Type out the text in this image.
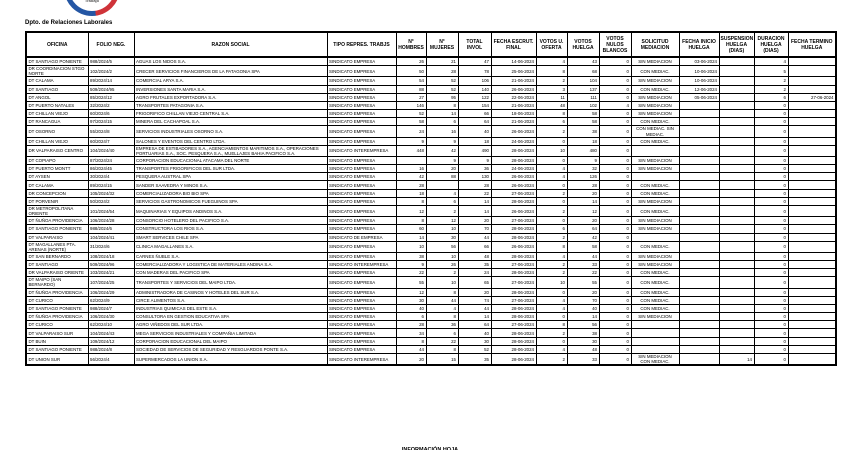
Trabajo
Dpto. de Relaciones Laborales
OFICINA	FOLIO NEG.	RAZON SOCIAL	TIPO REPRES. TRABJS	N° HOMBRES	N° MUJERES	TOTAL INVOL	FECHA ESCRUT. FINAL	VOTOS U. OFERTA	VOTOS HUELGA	VOTOS NULOS BLANCOS	SOLICITUD MEDIACION	FECHA INICIO HUELGA	SUSPENSION HUELGA (DIAS)	DURACION HUELGA (DIAS)	FECHA TERMINO HUELGA
DT SANTIAGO PONIENTE	988/2024/5	AGUAS LOS NIDOS S.A.	SINDICATO EMPRESA	26	21	47	14-06-2024	4	43	0	SIN MEDIACION	03-06-2024		4	
DR COORDINACION STGO NORTE	102/2024/2	CRECER SERVICIOS FINANCIEROS DE LA PATAGONIA SPA	SINDICATO EMPRESA	50	28	78	25-06-2024	8	68	0	CON MEDIAC.	10-06-2024		5	
DT CALAMA	89/2024/14	COMERCIAL ARYA S.A.	SINDICATO EMPRESA	54	52	106	21-06-2024	2	104	0	SIN MEDIACION	10-06-2024		2	
DT SANTIAGO	509/2024/95	INVERSIONES SANTA MARIA S.A.	SINDICATO EMPRESA	88	52	140	26-06-2024	3	137	0	CON MEDIAC.	12-06-2024		2	
DT ANGOL	85/2024/12	AGRO FRUTALES EXPORTADORA S.A.	SINDICATO EMPRESA	27	95	122	22-06-2024	11	111	0	SIN MEDIACION	05-06-2024		6	27-06-2024
DT PUERTO NATALES	32/2024/2	TRANSPORTES PATAGONIA S.A.	SINDICATO EMPRESA	146	8	154	21-06-2024	48	102	4	SIN MEDIACION			0	
DT CHILLAN VIEJO	60/2024/6	FRIGORIFICO CHILLAN VIEJO CENTRAL S.A.	SINDICATO EMPRESA	52	14	66	18-06-2024	8	58	0	SIN MEDIACION			0	
DT RANCAGUA	97/2024/15	MINERA DEL CACHAPOAL S.A.	SINDICATO EMPRESA	58	6	64	21-06-2024	6	58	0	CON MEDIAC.			0	
DT OSORNO	55/2024/8	SERVICIOS INDUSTRIALES OSORNO S.A.	SINDICATO EMPRESA	24	16	40	26-06-2024	2	38	0	CON MEDIAC. SIN MEDIAC.			0	
DT CHILLAN VIEJO	60/2024/7	SALONES Y EVENTOS DEL CENTRO LTDA.	SINDICATO EMPRESA	9	9	18	24-06-2024	0	18	0	CON MEDIAC.			0	
DR VALPARAISO CENTRO	104/2024/40	EMPRESA DE ESTIBADORES S.A., AGENCIAMIENTOS MARITIMOS S.A., OPERACIONES PORTUARIAS S.A., SOC. PESQUERA S.A., MUELLAJES BAHIA PACIFICO S.A.	SINDICATO INTEREMPRESA	448	42	490	28-06-2024	10	480	0				0	
DT COPIAPO	87/2024/24	CORPORACION EDUCACIONAL ATACAMA DEL NORTE	SINDICATO EMPRESA		9	9	28-06-2024	0	9	0	SIN MEDIACION			0	
DT PUERTO MONTT	86/2024/45	TRANSPORTES FRIGORIFICOS DEL SUR LTDA.	SINDICATO EMPRESA	16	20	36	24-06-2024	4	32	0	SIN MEDIACION			0	
DT AYSEN	30/2024/4	PESQUERA AUSTRAL SPA	SINDICATO EMPRESA	42	88	130	26-06-2024	4	126	0				0	
DT CALAMA	89/2024/15	SANDER SAAVEDRA Y MINOS S.A.	SINDICATO EMPRESA	28		28	26-06-2024	0	28	0	CON MEDIAC.			0	
DR CONCEPCION	105/2024/32	COMERCIALIZADORA BIO BIO SPA	SINDICATO EMPRESA	18	4	22	27-06-2024	2	20	0	CON MEDIAC.			0	
DT PORVENIR	50/2024/2	SERVICIOS GASTRONOMICOS FUEGUINOS SPA	SINDICATO EMPRESA	8	6	14	28-06-2024	0	14	0	SIN MEDIACION			0	
DR METROPOLITANA ORIENTE	101/2024/54	MAQUINARIAS Y EQUIPOS ANDINOS S.A.	SINDICATO EMPRESA	12	2	14	26-06-2024	2	12	0	CON MEDIAC.			0	
DT ÑUÑOA PROVIDENCIA	106/2024/28	CONSORCIO HOTELERO DEL PACIFICO S.A.	SINDICATO EMPRESA	8	12	20	27-06-2024	0	20	0	SIN MEDIACION			0	
DT SANTIAGO PONIENTE	988/2024/6	CONSTRUCTORA LOS RIOS S.A.	SINDICATO EMPRESA	60	10	70	28-06-2024	6	64	0	SIN MEDIACION			0	
DT VALPARAISO	104/2024/41	SMART SERVICES CHILE SPA	SINDICATO DE EMPRESA	14	30	44	28-06-2024	2	42	0				0	
DT MAGALLANES PTA. ARENAS (NORTE)	31/2024/6	CLINICA MAGALLANES S.A.	SINDICATO EMPRESA	10	56	66	26-06-2024	8	58	0	CON MEDIAC.			0	
DT SAN BERNARDO	108/2024/18	CARNES ÑUBLE S.A.	SINDICATO EMPRESA	38	10	48	28-06-2024	4	44	0	SIN MEDIACION			0	
DT SANTIAGO	509/2024/96	COMERCIALIZADORA Y LOGISTICA DE MATERIALES ANDINA S.A.	SINDICATO INTEREMPRESA	9	26	35	27-06-2024	2	33	0	SIN MEDIACION			0	
DR VALPARAISO ORIENTE	103/2024/21	CON MADERAS DEL PACIFICO SPA	SINDICATO EMPRESA	22	2	24	28-06-2024	2	22	0	CON MEDIAC.			0	
DT MAIPO (SAN BERNARDO)	107/2024/25	TRANSPORTES Y SERVICIOS DEL MAIPO LTDA.	SINDICATO EMPRESA	55	10	65	27-06-2024	10	55	0	CON MEDIAC.			0	
DT ÑUÑOA PROVIDENCIA	106/2024/29	ADMINISTRADORA DE CASINOS Y HOTELES DEL SUR S.A.	SINDICATO EMPRESA	12	8	20	28-06-2024	0	20	0	CON MEDIAC.			0	
DT CURICO	62/2024/9	CIRCE ALIMENTOS S.A.	SINDICATO EMPRESA	30	44	74	27-06-2024	4	70	0	CON MEDIAC.			0	
DT SANTIAGO PONIENTE	988/2024/7	INDUSTRIAS QUIMICAS DEL ESTE S.A.	SINDICATO EMPRESA	40	4	44	28-06-2024	4	40	0	CON MEDIAC.			0	
DT ÑUÑOA PROVIDENCIA	106/2024/30	CONSULTORA EN GESTION EDUCATIVA SPA	SINDICATO EMPRESA	6	8	14	28-06-2024	0	14	0	SIN MEDIACION			0	
DT CURICO	62/2024/10	AGRO VIÑEDOS DEL SUR LTDA.	SINDICATO EMPRESA	28	36	64	27-06-2024	8	56	0				0	
DT VALPARAISO SUR	104/2024/43	MEGA SERVICIOS INDUSTRIALES Y COMPAÑIA LIMITADA	SINDICATO EMPRESA	34	6	40	28-06-2024	2	38	0				0	
DT BUIN	109/2024/12	CORPORACION EDUCACIONAL DEL MAIPO	SINDICATO EMPRESA	8	22	30	28-06-2024	0	30	0				0	
DT SANTIAGO PONIENTE	988/2024/8	SOCIEDAD DE SERVICIOS DE SEGURIDAD Y RESGUARDOS PONTE S.A.	SINDICATO EMPRESA	44	8	52	28-06-2024	4	48	0				0	
DT UNION SUR	56/2024/4	SUPERMERCADOS LA UNION S.A.	SINDICATO INTEREMPRESA	20	15	35	28-06-2024	2	33	0	SIN MEDIACION CON MEDIAC.		14	0	
INFORMACIÓN HOJA
